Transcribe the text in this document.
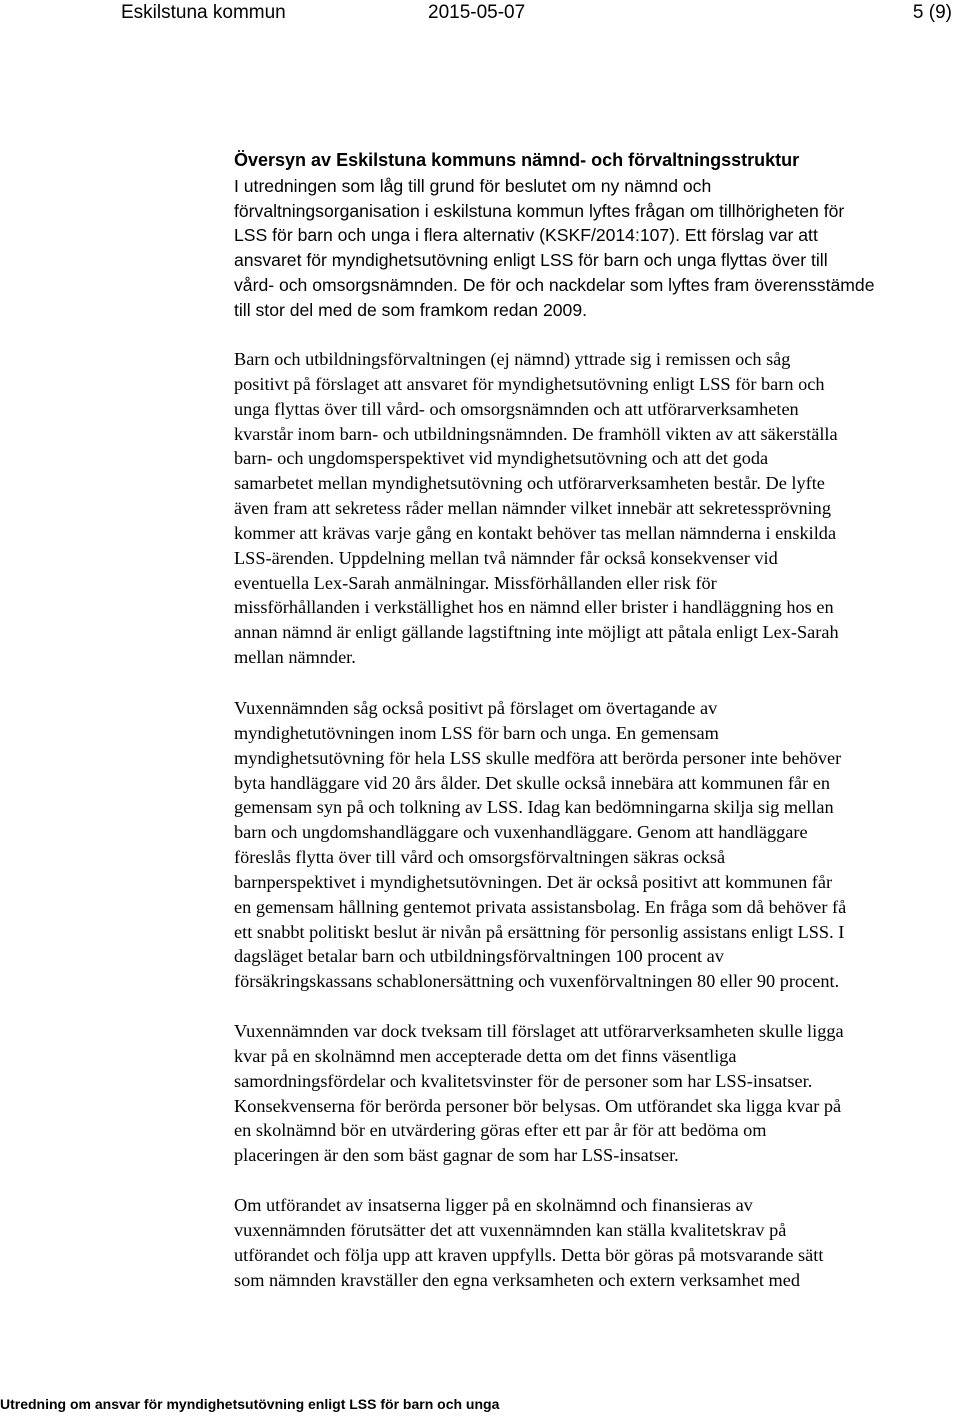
Eskilstuna kommun	2015-05-07	5 (9)
Översyn av Eskilstuna kommuns nämnd- och förvaltningsstruktur
I utredningen som låg till grund för beslutet om ny nämnd och
förvaltningsorganisation i eskilstuna kommun lyftes frågan om tillhörigheten för
LSS för barn och unga i flera alternativ (KSKF/2014:107). Ett förslag var att
ansvaret för myndighetsutövning enligt LSS för barn och unga flyttas över till
vård- och omsorgsnämnden. De för och nackdelar som lyftes fram överensstämde
till stor del med de som framkom redan 2009.
Barn och utbildningsförvaltningen (ej nämnd) yttrade sig i remissen och såg
positivt på förslaget att ansvaret för myndighetsutövning enligt LSS för barn och
unga flyttas över till vård- och omsorgsnämnden och att utförarverksamheten
kvarstår inom barn- och utbildningsnämnden. De framhöll vikten av att säkerställa
barn- och ungdomsperspektivet vid myndighetsutövning och att det goda
samarbetet mellan myndighetsutövning och utförarverksamheten består. De lyfte
även fram att sekretess råder mellan nämnder vilket innebär att sekretessprövning
kommer att krävas varje gång en kontakt behöver tas mellan nämnderna i enskilda
LSS-ärenden. Uppdelning mellan två nämnder får också konsekvenser vid
eventuella Lex-Sarah anmälningar. Missförhållanden eller risk för
missförhållanden i verkställighet hos en nämnd eller brister i handläggning hos en
annan nämnd är enligt gällande lagstiftning inte möjligt att påtala enligt Lex-Sarah
mellan nämnder.
Vuxennämnden såg också positivt på förslaget om övertagande av
myndighetutövningen inom LSS för barn och unga. En gemensam
myndighetsutövning för hela LSS skulle medföra att berörda personer inte behöver
byta handläggare vid 20 års ålder. Det skulle också innebära att kommunen får en
gemensam syn på och tolkning av LSS. Idag kan bedömningarna skilja sig mellan
barn och ungdomshandläggare och vuxenhandläggare. Genom att handläggare
föreslås flytta över till vård och omsorgsförvaltningen säkras också
barnperspektivet i myndighetsutövningen. Det är också positivt att kommunen får
en gemensam hållning gentemot privata assistansbolag. En fråga som då behöver få
ett snabbt politiskt beslut är nivån på ersättning för personlig assistans enligt LSS. I
dagsläget betalar barn och utbildningsförvaltningen 100 procent av
försäkringskassans schablonersättning och vuxenförvaltningen 80 eller 90 procent.
Vuxennämnden var dock tveksam till förslaget att utförarverksamheten skulle ligga
kvar på en skolnämnd men accepterade detta om det finns väsentliga
samordningsfördelar och kvalitetsvinster för de personer som har LSS-insatser.
Konsekvenserna för berörda personer bör belysas. Om utförandet ska ligga kvar på
en skolnämnd bör en utvärdering göras efter ett par år för att bedöma om
placeringen är den som bäst gagnar de som har LSS-insatser.
Om utförandet av insatserna ligger på en skolnämnd och finansieras av
vuxennämnden förutsätter det att vuxennämnden kan ställa kvalitetskrav på
utförandet och följa upp att kraven uppfylls. Detta bör göras på motsvarande sätt
som nämnden kravställer den egna verksamheten och extern verksamhet med
Utredning om ansvar för myndighetsutövning enligt LSS för barn och unga
